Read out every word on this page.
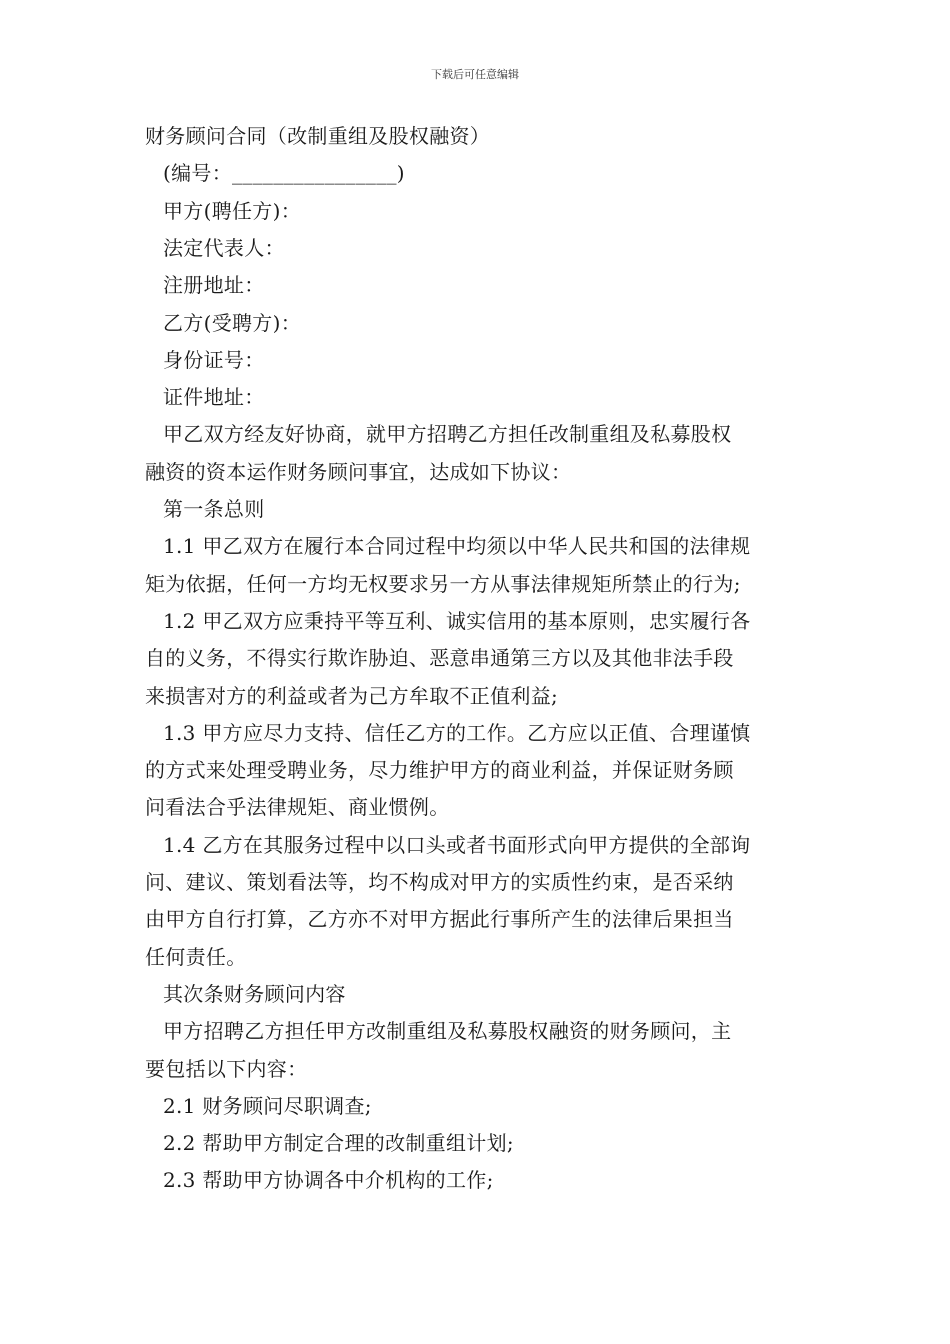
下载后可任意编辑
财务顾问合同（改制重组及股权融资）
(编号：________________)
甲方(聘任方)：
法定代表人：
注册地址：
乙方(受聘方)：
身份证号：
证件地址：
甲乙双方经友好协商，就甲方招聘乙方担任改制重组及私募股权
融资的资本运作财务顾问事宜，达成如下协议：
第一条总则
1.1 甲乙双方在履行本合同过程中均须以中华人民共和国的法律规
矩为依据，任何一方均无权要求另一方从事法律规矩所禁止的行为;
1.2 甲乙双方应秉持平等互利、诚实信用的基本原则，忠实履行各
自的义务，不得实行欺诈胁迫、恶意串通第三方以及其他非法手段
来损害对方的利益或者为己方牟取不正值利益;
1.3 甲方应尽力支持、信任乙方的工作。乙方应以正值、合理谨慎
的方式来处理受聘业务，尽力维护甲方的商业利益，并保证财务顾
问看法合乎法律规矩、商业惯例。
1.4 乙方在其服务过程中以口头或者书面形式向甲方提供的全部询
问、建议、策划看法等，均不构成对甲方的实质性约束，是否采纳
由甲方自行打算，乙方亦不对甲方据此行事所产生的法律后果担当
任何责任。
其次条财务顾问内容
甲方招聘乙方担任甲方改制重组及私募股权融资的财务顾问，主
要包括以下内容：
2.1 财务顾问尽职调查;
2.2 帮助甲方制定合理的改制重组计划;
2.3 帮助甲方协调各中介机构的工作;
